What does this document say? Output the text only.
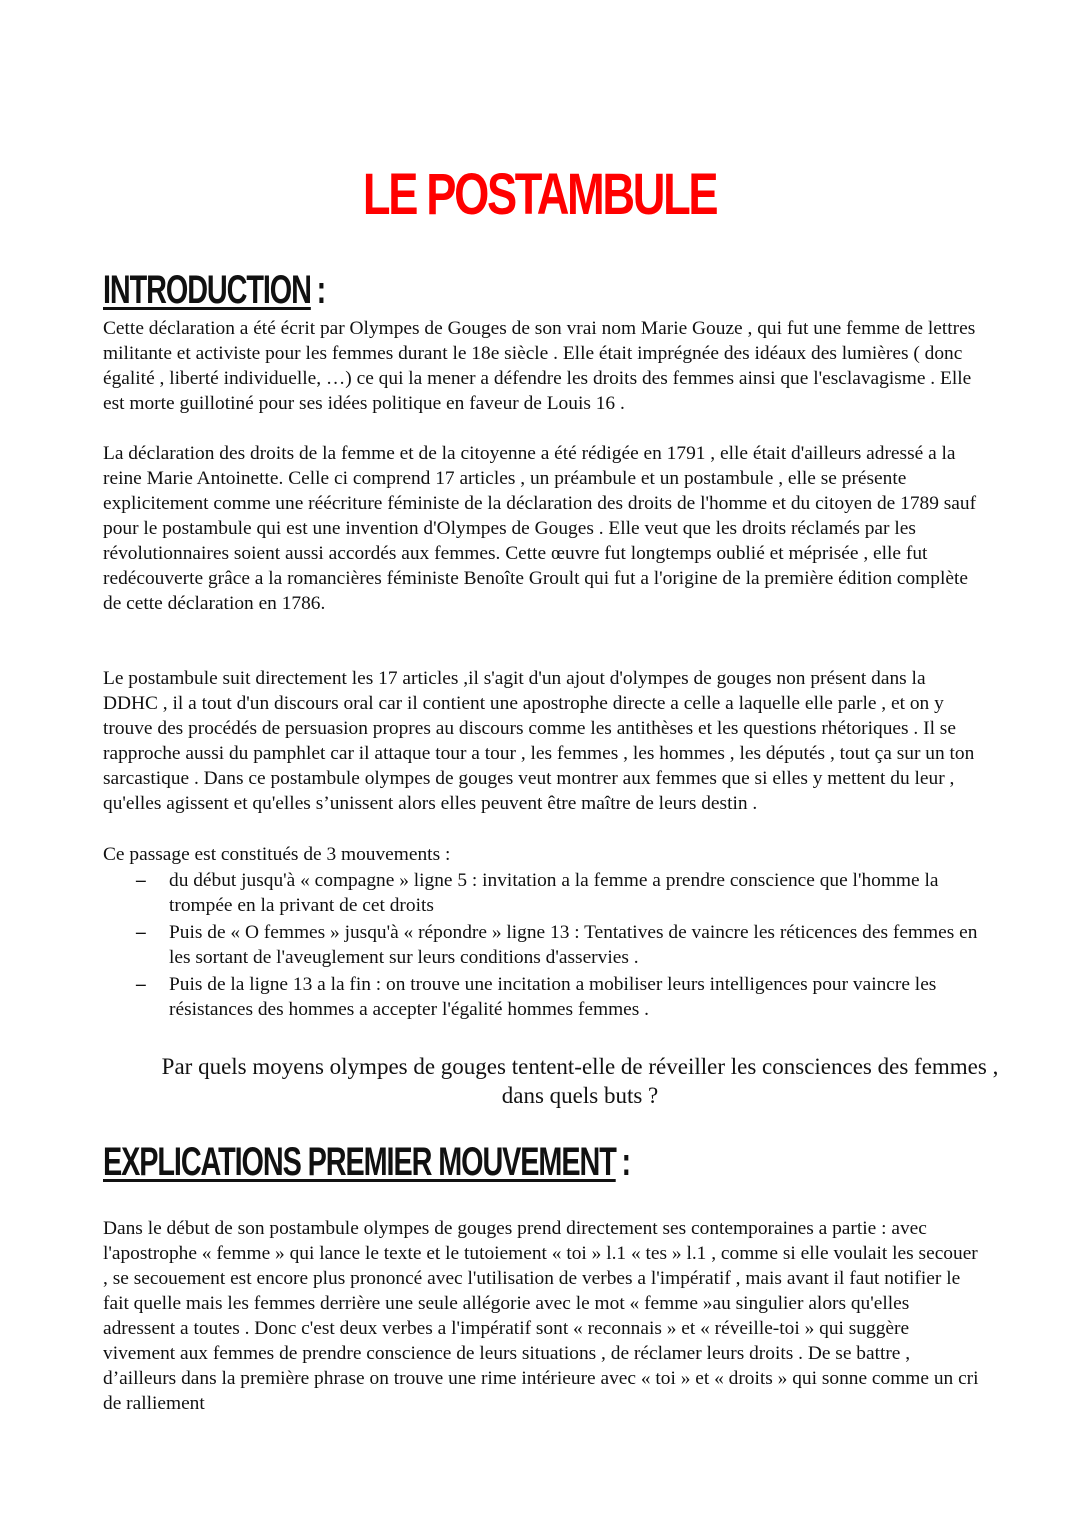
LE POSTAMBULE
INTRODUCTION :

Cette déclaration a été écrit par Olympes de Gouges de son vrai nom Marie Gouze , qui fut une femme de lettres militante et activiste pour les femmes durant le 18e siècle . Elle était imprégnée des idéaux des lumières ( donc égalité , liberté individuelle, …) ce qui la mener a défendre les droits des femmes ainsi que l'esclavagisme . Elle est morte guillotiné pour ses idées politique en faveur de Louis 16 .

La déclaration des droits de la femme et de la citoyenne a été rédigée en 1791 , elle était d'ailleurs adressé a la reine Marie Antoinette. Celle ci comprend 17 articles , un préambule et un postambule , elle se présente explicitement comme une réécriture féministe de la déclaration des droits de l'homme et du citoyen de 1789 sauf pour le postambule qui est une invention d'Olympes de Gouges . Elle veut que les droits réclamés par les révolutionnaires soient aussi accordés aux femmes. Cette œuvre fut longtemps oublié et méprisée , elle fut redécouverte grâce a la romancières féministe Benoîte Groult qui fut a l'origine de la première édition complète de cette déclaration en 1786.

Le postambule suit directement les 17 articles ,il s'agit d'un ajout d'olympes de gouges non présent dans la DDHC , il a tout d'un discours oral car il contient une apostrophe directe a celle a laquelle elle parle , et on y trouve des procédés de persuasion propres au discours comme les antithèses et les questions rhétoriques . Il se rapproche aussi du pamphlet car il attaque tour a tour , les femmes , les hommes , les députés , tout ça sur un ton sarcastique . Dans ce postambule olympes de gouges veut montrer aux femmes que si elles y mettent du leur , qu'elles agissent et qu'elles s’unissent alors elles peuvent être maître de leurs destin .

Ce passage est constitués de 3 mouvements :

– du début jusqu'à « compagne » ligne 5 : invitation a la femme a prendre conscience que l'homme la trompée en la privant de cet droits
– Puis de « O femmes » jusqu'à « répondre » ligne 13 : Tentatives de vaincre les réticences des femmes en les sortant de l'aveuglement sur leurs conditions d'asservies .
– Puis de la ligne 13 a la fin : on trouve une incitation a mobiliser leurs intelligences pour vaincre les résistances des hommes a accepter l'égalité hommes femmes .

Par quels moyens olympes de gouges tentent-elle de réveiller les consciences des femmes , dans quels buts ?

EXPLICATIONS PREMIER MOUVEMENT :

Dans le début de son postambule olympes de gouges prend directement ses contemporaines a partie : avec l'apostrophe « femme » qui lance le texte et le tutoiement « toi » l.1 « tes » l.1 , comme si elle voulait les secouer , se secouement est encore plus prononcé avec l'utilisation de verbes a l'impératif , mais avant il faut notifier le fait quelle mais les femmes derrière une seule allégorie avec le mot « femme »au singulier alors qu'elles adressent a toutes . Donc c'est deux verbes a l'impératif sont « reconnais » et « réveille-toi » qui suggère vivement aux femmes de prendre conscience de leurs situations , de réclamer leurs droits . De se battre , d’ailleurs dans la première phrase on trouve une rime intérieure avec « toi » et « droits » qui sonne comme un cri de ralliement
